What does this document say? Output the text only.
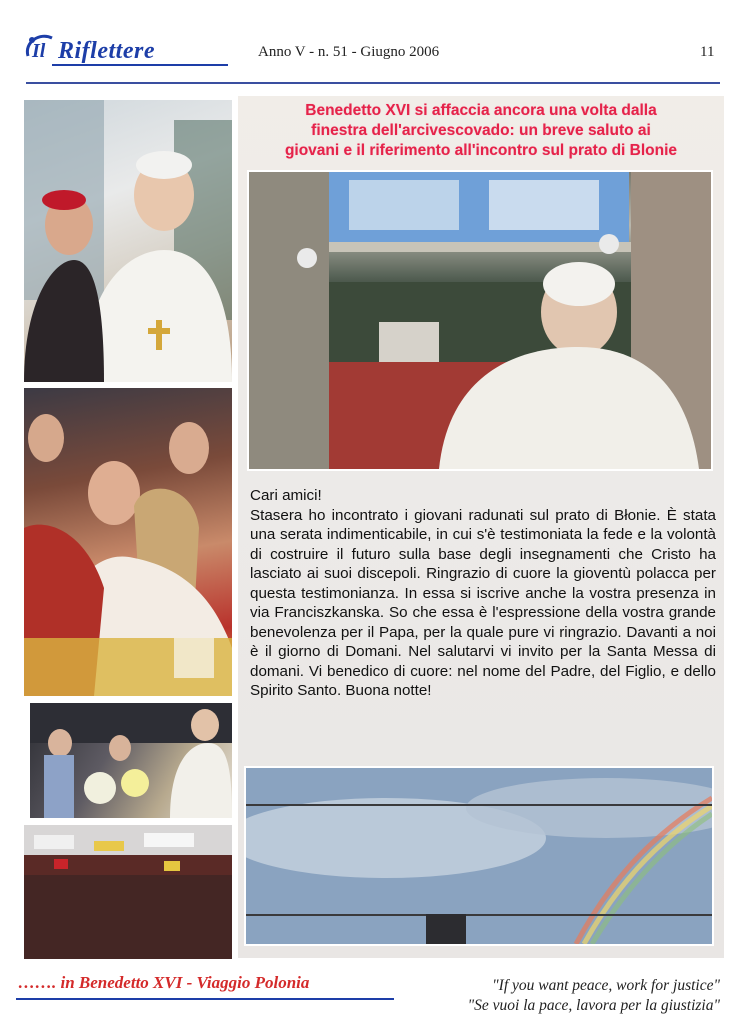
Il Riflettere	Anno V - n. 51 - Giugno 2006	11
Benedetto XVI si affaccia ancora una volta dalla
finestra dell'arcivescovado: un breve saluto ai
giovani e il riferimento all'incontro sul prato di Blonie

Cari amici!

Stasera ho incontrato i giovani radunati sul prato di Błonie. È stata una serata indimenticabile, in cui s'è testimoniata la fede e la volontà di costruire il futuro sulla base degli insegnamenti che Cristo ha lasciato ai suoi discepoli. Ringrazio di cuore la gioventù polacca per questa testimonianza. In essa si iscrive anche la vostra presenza in via Franciszkanska. So che essa è l'espressione della vostra grande benevolenza per il Papa, per la quale pure vi ringrazio. Davanti a noi è il giorno di Domani. Nel salutarvi vi invito per la Santa Messa di domani. Vi benedico di cuore: nel nome del Padre, del Figlio, e dello Spirito Santo. Buona notte!

……. in Benedetto XVI - Viaggio Polonia	"If you want peace, work for justice"
"Se vuoi la pace, lavora per la giustizia"
